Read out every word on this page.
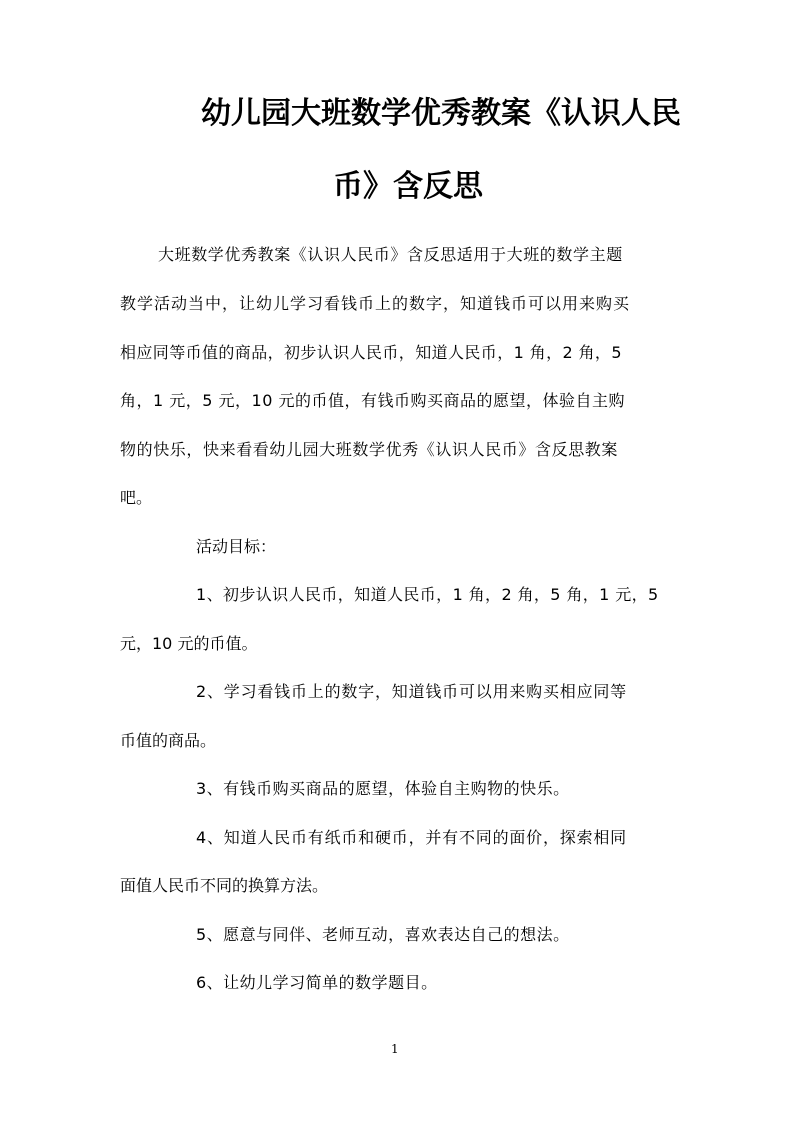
幼儿园大班数学优秀教案《认识人民
币》含反思
大班数学优秀教案《认识人民币》含反思适用于大班的数学主题
教学活动当中，让幼儿学习看钱币上的数字，知道钱币可以用来购买
相应同等币值的商品，初步认识人民币，知道人民币，1 角，2 角，5
角，1 元，5 元，10 元的币值，有钱币购买商品的愿望，体验自主购
物的快乐，快来看看幼儿园大班数学优秀《认识人民币》含反思教案
吧。
活动目标：
1、初步认识人民币，知道人民币，1 角，2 角，5 角，1 元，5
元，10 元的币值。
2、学习看钱币上的数字，知道钱币可以用来购买相应同等
币值的商品。
3、有钱币购买商品的愿望，体验自主购物的快乐。
4、知道人民币有纸币和硬币，并有不同的面价，探索相同
面值人民币不同的换算方法。
5、愿意与同伴、老师互动，喜欢表达自己的想法。
6、让幼儿学习简单的数学题目。
1
